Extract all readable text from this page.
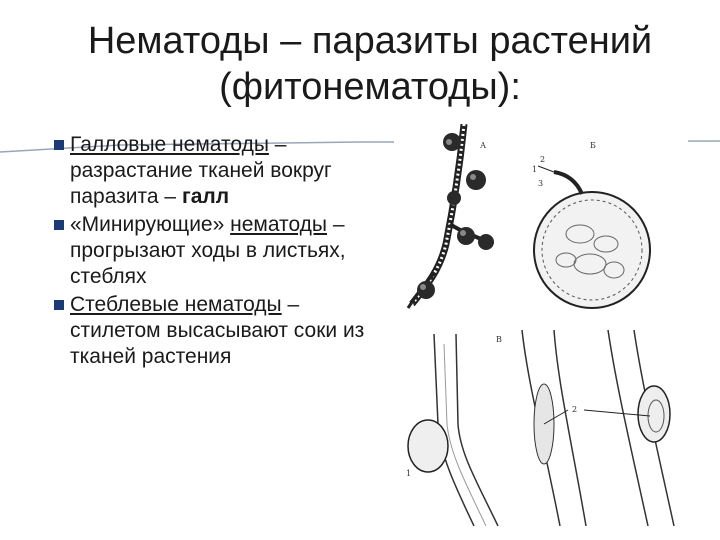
Нематоды – паразиты растений
(фитонематоды):
Галловые нематоды – разрастание тканей вокруг паразита – галл
«Минирующие» нематоды – прогрызают ходы в листьях, стеблях
Стеблевые нематоды – стилетом высасывают соки из тканей растения
А	Б
1
2
3
В
1
2
